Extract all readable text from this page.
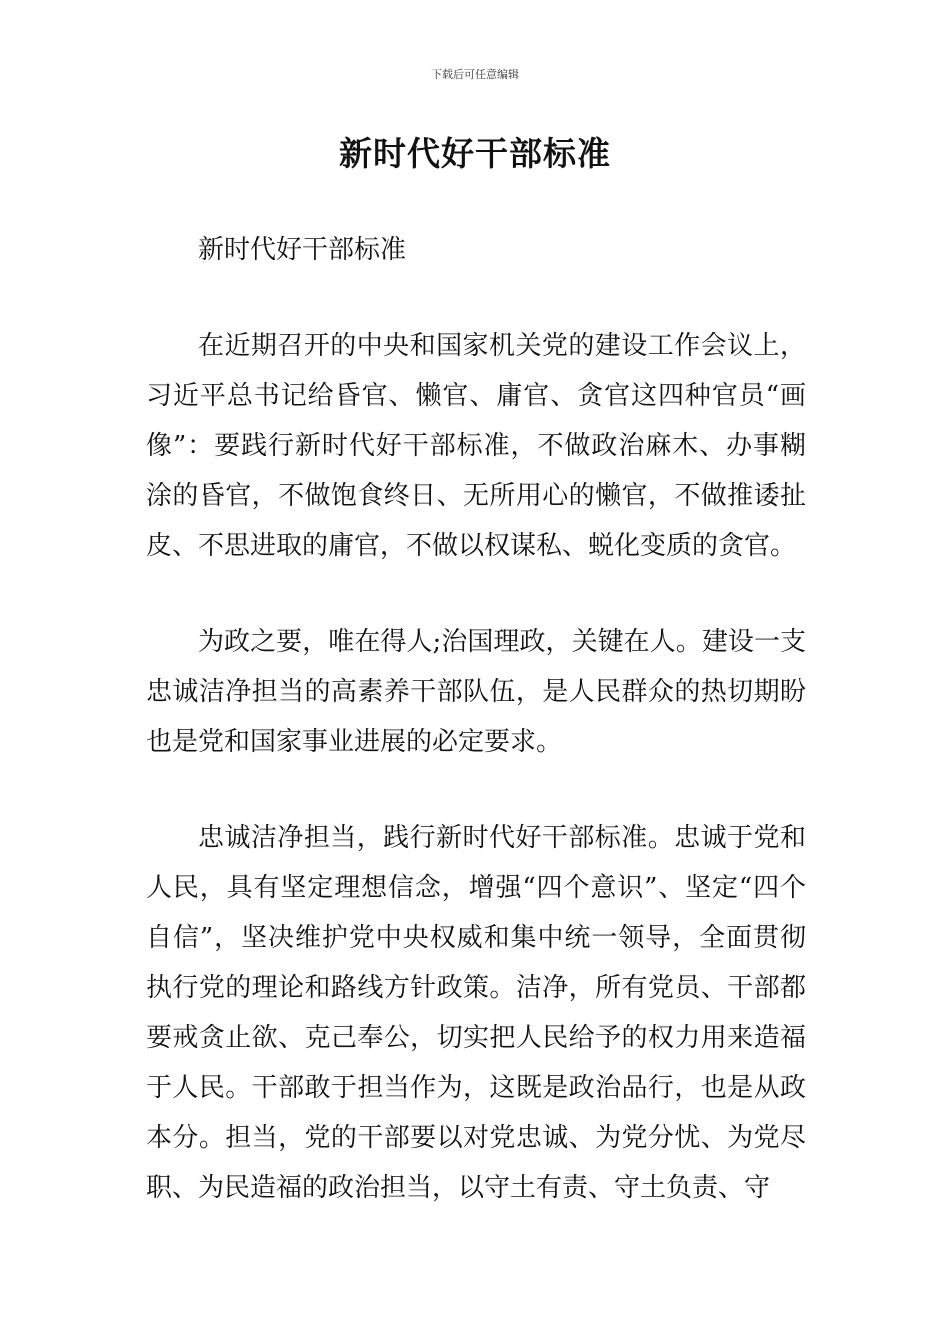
下载后可任意编辑
新时代好干部标准

新时代好干部标准

在近期召开的中央和国家机关党的建设工作会议上，习近平总书记给昏官、懒官、庸官、贪官这四种官员“画像”：要践行新时代好干部标准，不做政治麻木、办事糊涂的昏官，不做饱食终日、无所用心的懒官，不做推诿扯皮、不思进取的庸官，不做以权谋私、蜕化变质的贪官。

为政之要，唯在得人;治国理政，关键在人。建设一支忠诚洁净担当的高素养干部队伍，是人民群众的热切期盼也是党和国家事业进展的必定要求。

忠诚洁净担当，践行新时代好干部标准。忠诚于党和人民，具有坚定理想信念，增强“四个意识”、坚定“四个自信”，坚决维护党中央权威和集中统一领导，全面贯彻执行党的理论和路线方针政策。洁净，所有党员、干部都要戒贪止欲、克己奉公，切实把人民给予的权力用来造福于人民。干部敢于担当作为，这既是政治品行，也是从政本分。担当，党的干部要以对党忠诚、为党分忧、为党尽职、为民造福的政治担当，以守土有责、守土负责、守
